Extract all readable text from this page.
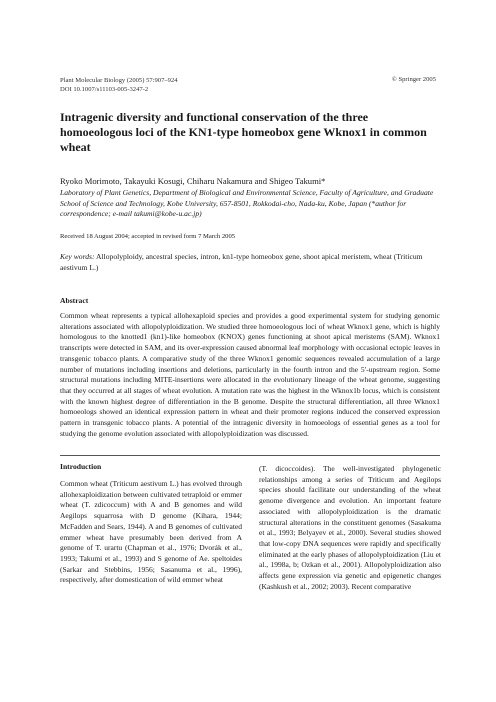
Plant Molecular Biology (2005) 57:907–924
DOI 10.1007/s11103-005-3247-2
© Springer 2005
Intragenic diversity and functional conservation of the three homoeologous loci of the KN1-type homeobox gene Wknox1 in common wheat
Ryoko Morimoto, Takayuki Kosugi, Chiharu Nakamura and Shigeo Takumi*
Laboratory of Plant Genetics, Department of Biological and Environmental Science, Faculty of Agriculture, and Graduate School of Science and Technology, Kobe University, 657-8501, Rokkodai-cho, Nada-ku, Kobe, Japan (*author for correspondence; e-mail takumi@kobe-u.ac.jp)
Received 18 August 2004; accepted in revised form 7 March 2005
Key words: Allopolyploidy, ancestral species, intron, kn1-type homeobox gene, shoot apical meristem, wheat (Triticum aestivum L.)
Abstract

Common wheat represents a typical allohexaploid species and provides a good experimental system for studying genomic alterations associated with allopolyploidization. We studied three homoeologous loci of wheat Wknox1 gene, which is highly homologous to the knotted1 (kn1)-like homeobox (KNOX) genes functioning at shoot apical meristems (SAM). Wknox1 transcripts were detected in SAM, and its over-expression caused abnormal leaf morphology with occasional ectopic leaves in transgenic tobacco plants. A comparative study of the three Wknox1 genomic sequences revealed accumulation of a large number of mutations including insertions and deletions, particularly in the fourth intron and the 5′-upstream region. Some structural mutations including MITE-insertions were allocated in the evolutionary lineage of the wheat genome, suggesting that they occurred at all stages of wheat evolution. A mutation rate was the highest in the Wknox1b locus, which is consistent with the known highest degree of differentiation in the B genome. Despite the structural differentiation, all three Wknox1 homoeologs showed an identical expression pattern in wheat and their promoter regions induced the conserved expression pattern in transgenic tobacco plants. A potential of the intragenic diversity in homoeologs of essential genes as a tool for studying the genome evolution associated with allopolyploidization was discussed.

Introduction

Common wheat (Triticum aestivum L.) has evolved through allohexaploidization between cultivated tetraploid or emmer wheat (T. zdicoccum) with A and B genomes and wild Aegilops squarrosa with D genome (Kihara, 1944; McFadden and Sears, 1944). A and B genomes of cultivated emmer wheat have presumably been derived from A genome of T. urartu (Chapman et al., 1976; Dvorák et al., 1993; Takumi et al., 1993) and S genome of Ae. speltoides (Sarkar and Stebbins, 1956; Sasanuma et al., 1996), respectively, after domestication of wild emmer wheat

(T. dicoccoides). The well-investigated phylogenetic relationships among a series of Triticum and Aegilops species should facilitate our understanding of the wheat genome divergence and evolution. An important feature associated with allopolyploidization is the dramatic structural alterations in the constituent genomes (Sasakuma et al., 1993; Belyayev et al., 2000). Several studies showed that low-copy DNA sequences were rapidly and specifically eliminated at the early phases of allopolyploidization (Liu et al., 1998a, b; Ozkan et al., 2001). Allopolyploidization also affects gene expression via genetic and epigenetic changes (Kashkush et al., 2002; 2003). Recent comparative
